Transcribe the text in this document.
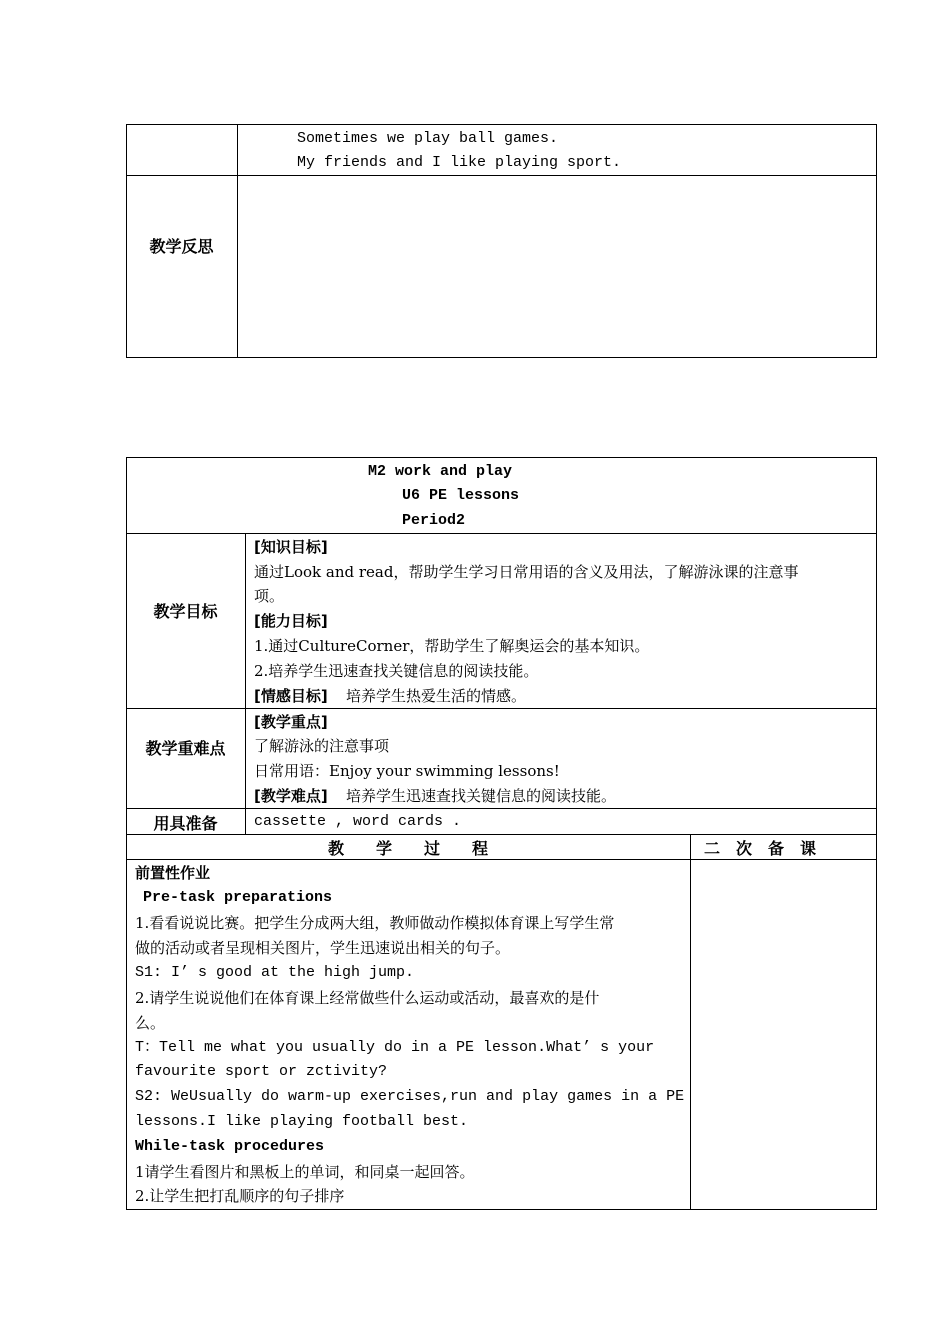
Sometimes we play ball games.
My friends and I like playing sport.
教学反思
M2 work and play
U6 PE lessons
Period2
教学目标
[知识目标]
通过Look and read，帮助学生学习日常用语的含义及用法，了解游泳课的注意事
项。
[能力目标]
1.通过CultureCorner，帮助学生了解奥运会的基本知识。
2.培养学生迅速查找关键信息的阅读技能。
[情感目标] 培养学生热爱生活的情感。
教学重难点
[教学重点]
了解游泳的注意事项
日常用语：Enjoy your swimming lessons!
[教学难点] 培养学生迅速查找关键信息的阅读技能。
用具准备	cassette , word cards .
教　　学　　过　　程	二　次　备　课
前置性作业
Pre-task preparations
1.看看说说比赛。把学生分成两大组，教师做动作模拟体育课上写学生常
做的活动或者呈现相关图片，学生迅速说出相关的句子。
S1: I’ s good at the high jump.
2.请学生说说他们在体育课上经常做些什么运动或活动，最喜欢的是什
么。
T：Tell me what you usually do in a PE lesson.What’ s your
favourite sport or zctivity?
S2: WeUsually do warm-up exercises,run and play games in a PE
lessons.I like playing football best.
While-task procedures
1请学生看图片和黑板上的单词，和同桌一起回答。
2.让学生把打乱顺序的句子排序
